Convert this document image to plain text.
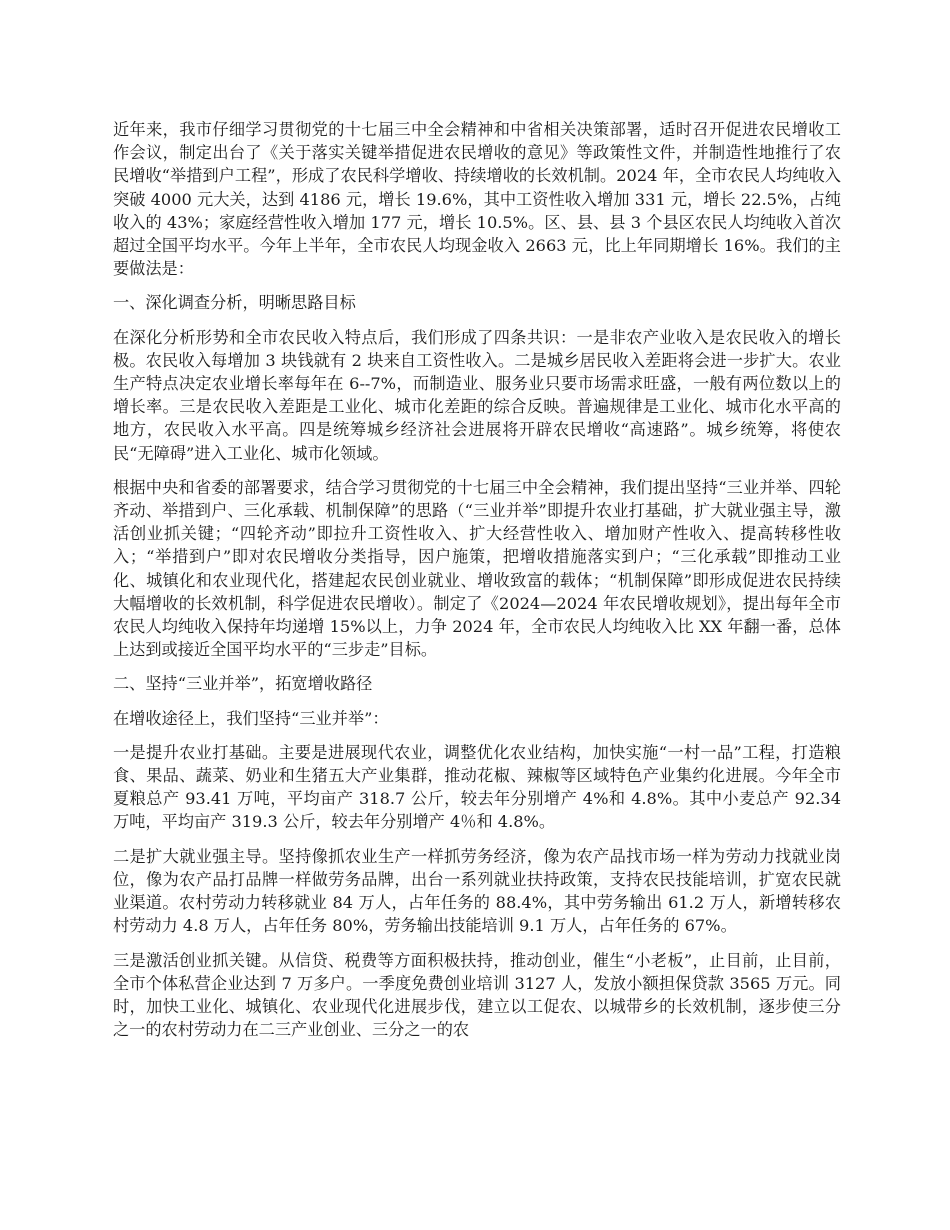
近年来，我市仔细学习贯彻党的十七届三中全会精神和中省相关决策部署，适时召开促进农民增收工作会议，制定出台了《关于落实关键举措促进农民增收的意见》等政策性文件，并制造性地推行了农民增收“举措到户工程”，形成了农民科学增收、持续增收的长效机制。2024 年，全市农民人均纯收入突破 4000 元大关，达到 4186 元，增长 19.6%，其中工资性收入增加 331 元，增长 22.5%，占纯收入的 43%；家庭经营性收入增加 177 元，增长 10.5%。区、县、县 3 个县区农民人均纯收入首次超过全国平均水平。今年上半年，全市农民人均现金收入 2663 元，比上年同期增长 16%。我们的主要做法是：

一、深化调查分析，明晰思路目标

在深化分析形势和全市农民收入特点后，我们形成了四条共识：一是非农产业收入是农民收入的增长极。农民收入每增加 3 块钱就有 2 块来自工资性收入。二是城乡居民收入差距将会进一步扩大。农业生产特点决定农业增长率每年在 6--7%，而制造业、服务业只要市场需求旺盛，一般有两位数以上的增长率。三是农民收入差距是工业化、城市化差距的综合反映。普遍规律是工业化、城市化水平高的地方，农民收入水平高。四是统筹城乡经济社会进展将开辟农民增收“高速路”。城乡统筹，将使农民“无障碍”进入工业化、城市化领域。

根据中央和省委的部署要求，结合学习贯彻党的十七届三中全会精神，我们提出坚持“三业并举、四轮齐动、举措到户、三化承载、机制保障”的思路（“三业并举”即提升农业打基础，扩大就业强主导，激活创业抓关键；“四轮齐动”即拉升工资性收入、扩大经营性收入、增加财产性收入、提高转移性收入；“举措到户”即对农民增收分类指导，因户施策，把增收措施落实到户；“三化承载”即推动工业化、城镇化和农业现代化，搭建起农民创业就业、增收致富的载体；“机制保障”即形成促进农民持续大幅增收的长效机制，科学促进农民增收）。制定了《2024—2024 年农民增收规划》，提出每年全市农民人均纯收入保持年均递增 15%以上，力争 2024 年，全市农民人均纯收入比 XX 年翻一番，总体上达到或接近全国平均水平的“三步走”目标。

二、坚持“三业并举”，拓宽增收路径

在增收途径上，我们坚持“三业并举”：

一是提升农业打基础。主要是进展现代农业，调整优化农业结构，加快实施“一村一品”工程，打造粮食、果品、蔬菜、奶业和生猪五大产业集群，推动花椒、辣椒等区域特色产业集约化进展。今年全市夏粮总产 93.41 万吨，平均亩产 318.7 公斤，较去年分别增产 4%和 4.8%。其中小麦总产 92.34 万吨，平均亩产 319.3 公斤，较去年分别增产 4％和 4.8%。

二是扩大就业强主导。坚持像抓农业生产一样抓劳务经济，像为农产品找市场一样为劳动力找就业岗位，像为农产品打品牌一样做劳务品牌，出台一系列就业扶持政策，支持农民技能培训，扩宽农民就业渠道。农村劳动力转移就业 84 万人，占年任务的 88.4%，其中劳务输出 61.2 万人，新增转移农村劳动力 4.8 万人，占年任务 80%，劳务输出技能培训 9.1 万人，占年任务的 67%。

三是激活创业抓关键。从信贷、税费等方面积极扶持，推动创业，催生“小老板”，止目前，止目前，全市个体私营企业达到 7 万多户。一季度免费创业培训 3127 人，发放小额担保贷款 3565 万元。同时，加快工业化、城镇化、农业现代化进展步伐，建立以工促农、以城带乡的长效机制，逐步使三分之一的农村劳动力在二三产业创业、三分之一的农
